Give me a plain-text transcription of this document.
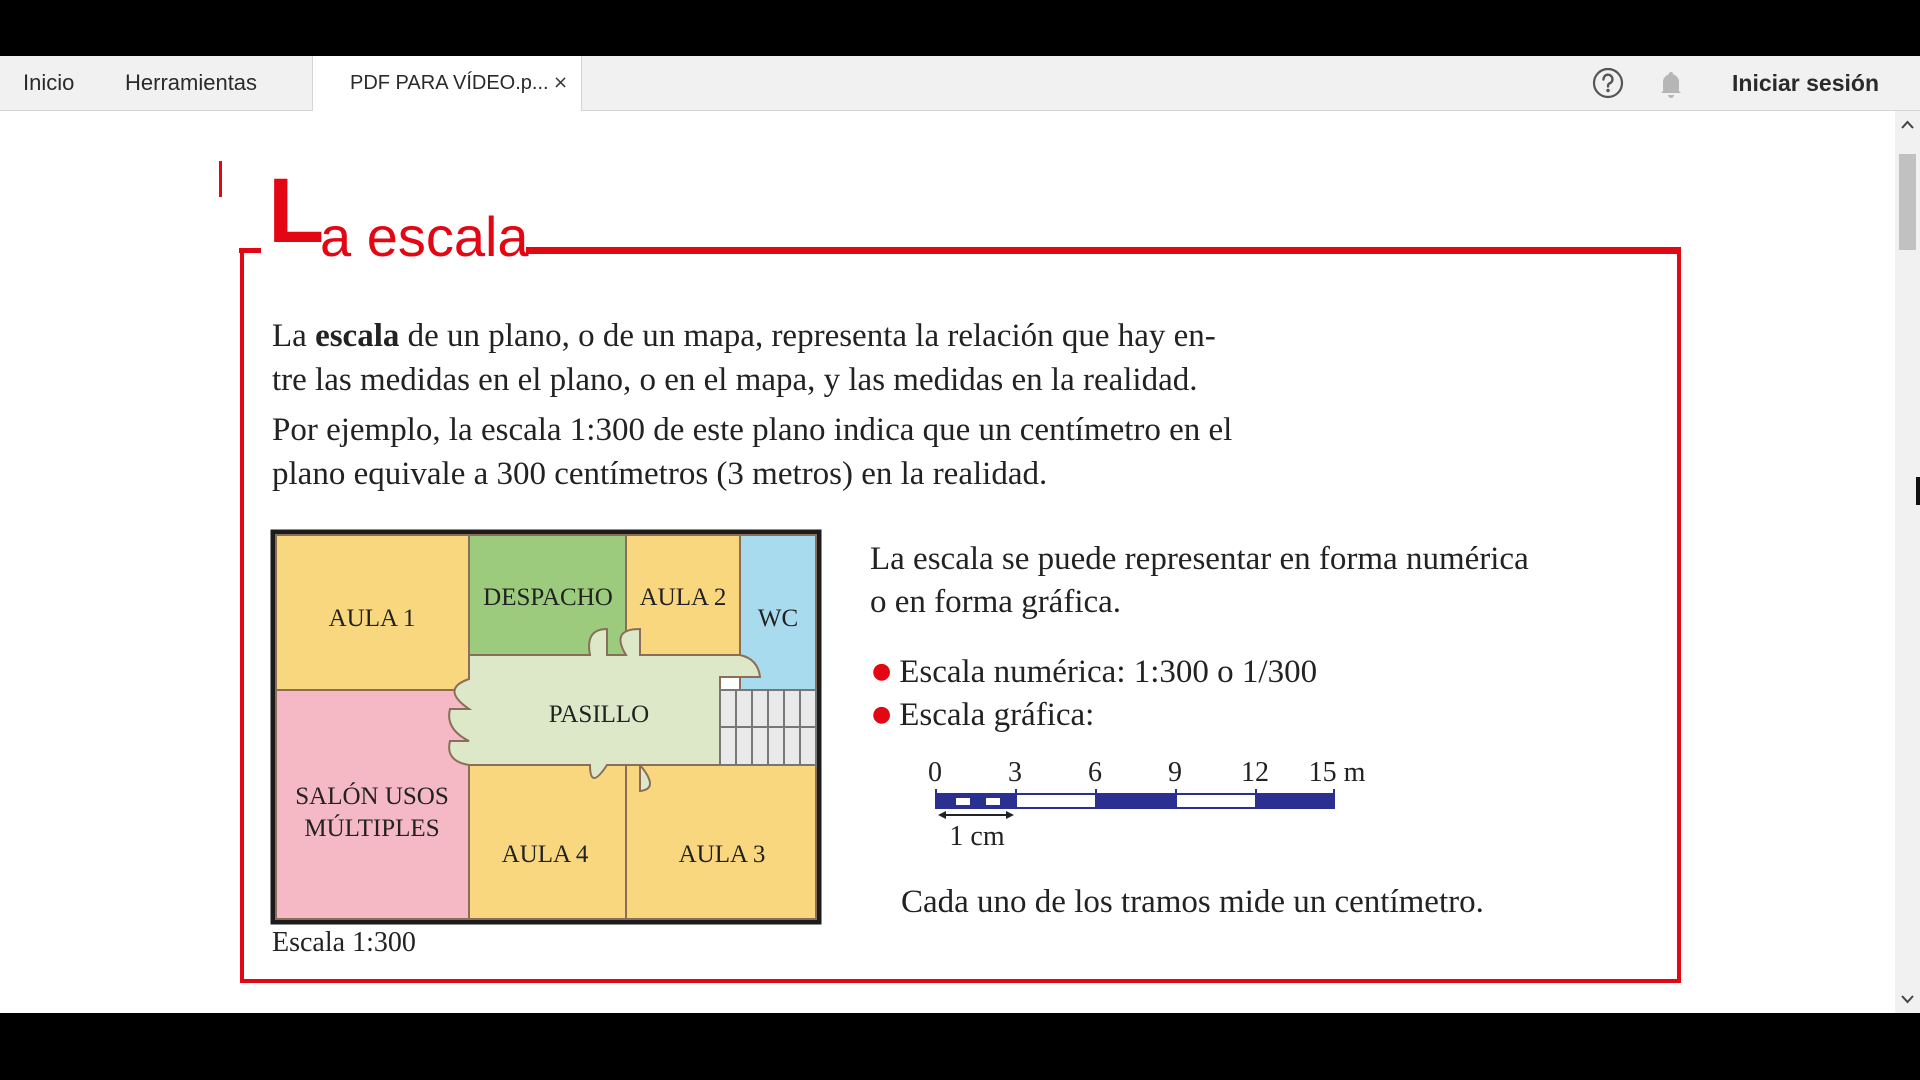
Inicio Herramientas	PDF PARA VÍDEO.p... ×	Iniciar sesión
L
a escala

La escala de un plano, o de un mapa, representa la relación que hay en-
tre las medidas en el plano, o en el mapa, y las medidas en la realidad.

Por ejemplo, la escala 1:300 de este plano indica que un centímetro en el
plano equivale a 300 centímetros (3 metros) en la realidad.

AULA 1
DESPACHO AULA 2
WC
PASILLO
SALÓN USOS
MÚLTIPLES
AULA 4	AULA 3
Escala 1:300

La escala se puede representar en forma numérica
o en forma gráfica.

● Escala numérica: 1:300 o 1/300
● Escala gráfica:
0 3 6 9 12 15 m
1 cm
Cada uno de los tramos mide un centímetro.
